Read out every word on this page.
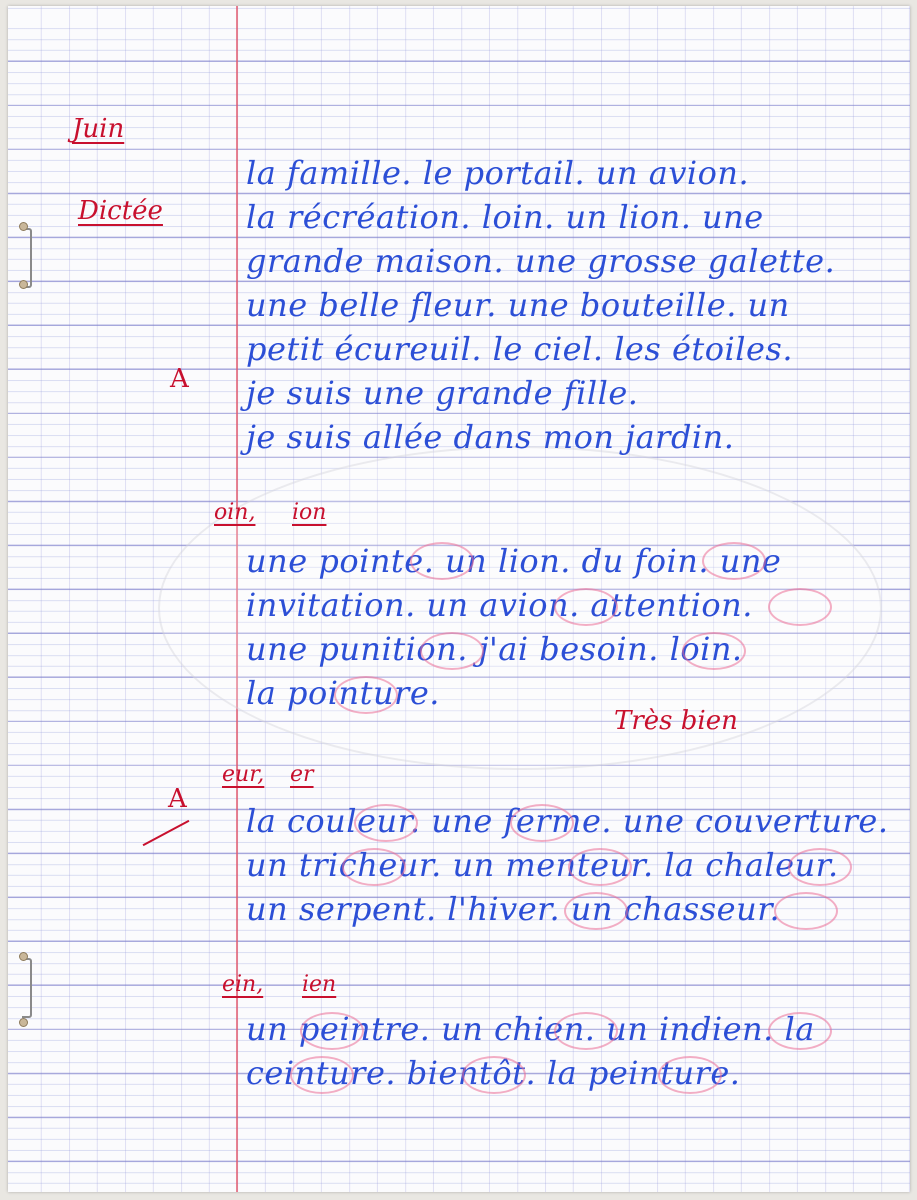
Juin
Dictée
A
la famille. le portail. un avion.
la récréation. loin. un lion. une
grande maison. une grosse galette.
une belle fleur. une bouteille. un
petit écureuil. le ciel. les étoiles.
je suis une grande fille.
je suis allée dans mon jardin.
oin, ion
une pointe. un lion. du foin. une
invitation. un avion. attention.
une punition. j'ai besoin. loin.
la pointure.
Très bien
eur, er
A
la couleur. une ferme. une couverture.
un tricheur. un menteur. la chaleur.
un serpent. l'hiver. un chasseur.
ein, ien
un peintre. un chien. un indien. la
ceinture. bientôt. la peinture.
